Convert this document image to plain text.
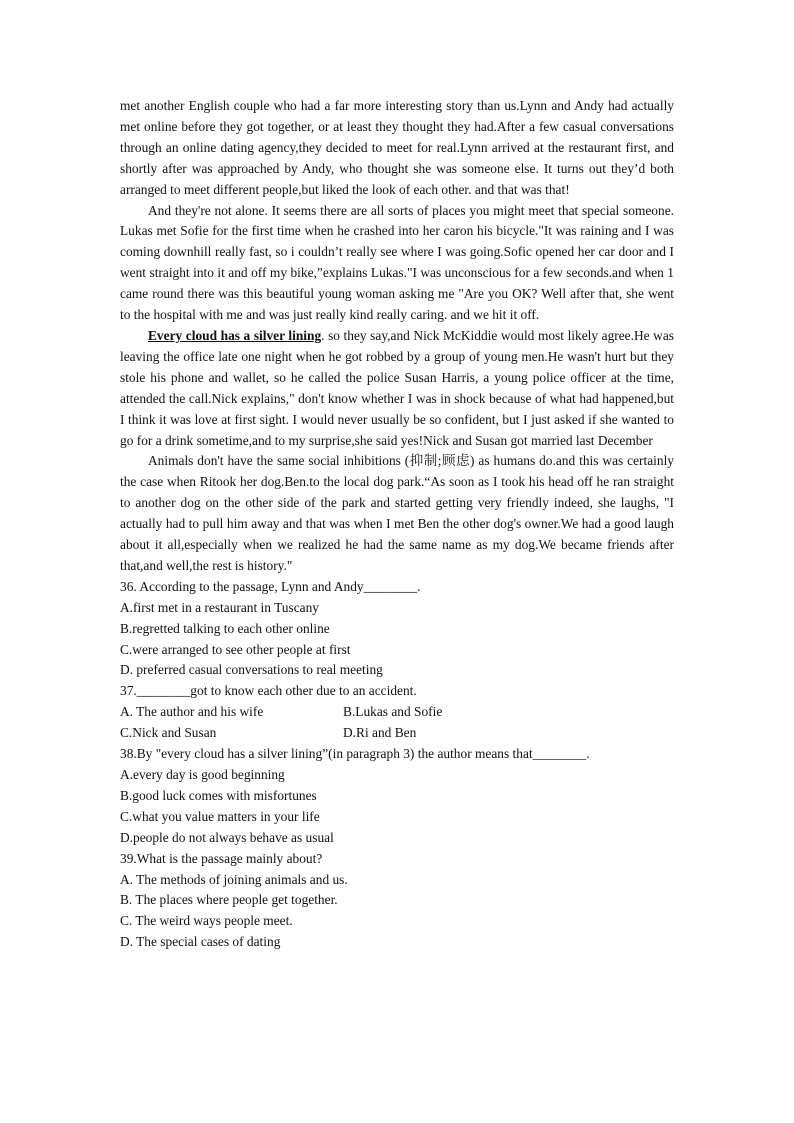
met another English couple who had a far more interesting story than us.Lynn and Andy had actually met online before they got together, or at least they thought they had.After a few casual conversations through an online dating agency,they decided to meet for real.Lynn arrived at the restaurant first, and shortly after was approached by Andy, who thought she was someone else. It turns out they’d both arranged to meet different people,but liked the look of each other. and that was that!

And they're not alone. It seems there are all sorts of places you might meet that special someone. Lukas met Sofie for the first time when he crashed into her caron his bicycle."It was raining and I was coming downhill really fast, so i couldn’t really see where I was going.Sofic opened her car door and I went straight into it and off my bike,”explains Lukas."I was unconscious for a few seconds.and when 1 came round there was this beautiful young woman asking me "Are you OK? Well after that, she went to the hospital with me and was just really kind really caring. and we hit it off.

Every cloud has a silver lining. so they say,and Nick McKiddie would most likely agree.He was leaving the office late one night when he got robbed by a group of young men.He wasn't hurt but they stole his phone and wallet, so he called the police Susan Harris, a young police officer at the time, attended the call.Nick explains," don't know whether I was in shock because of what had happened,but I think it was love at first sight. I would never usually be so confident, but I just asked if she wanted to go for a drink sometime,and to my surprise,she said yes!Nick and Susan got married last December

Animals don't have the same social inhibitions (抑制;顾虑) as humans do.and this was certainly the case when Ritook her dog.Ben.to the local dog park.“As soon as I took his head off he ran straight to another dog on the other side of the park and started getting very friendly indeed, she laughs, "I actually had to pull him away and that was when I met Ben the other dog's owner.We had a good laugh about it all,especially when we realized he had the same name as my dog.We became friends after that,and well,the rest is history."

36. According to the passage, Lynn and Andy________.

A.first met in a restaurant in Tuscany
B.regretted talking to each other online
C.were arranged to see other people at first
D. preferred casual conversations to real meeting

37.________got to know each other due to an accident.

A. The author and his wife	B.Lukas and Sofie
C.Nick and Susan	D.Ri and Ben

38.By "every cloud has a silver lining”(in paragraph 3) the author means that________.

A.every day is good beginning
B.good luck comes with misfortunes
C.what you value matters in your life
D.people do not always behave as usual

39.What is the passage mainly about?

A. The methods of joining animals and us.
B. The places where people get together.
C. The weird ways people meet.
D. The special cases of dating
